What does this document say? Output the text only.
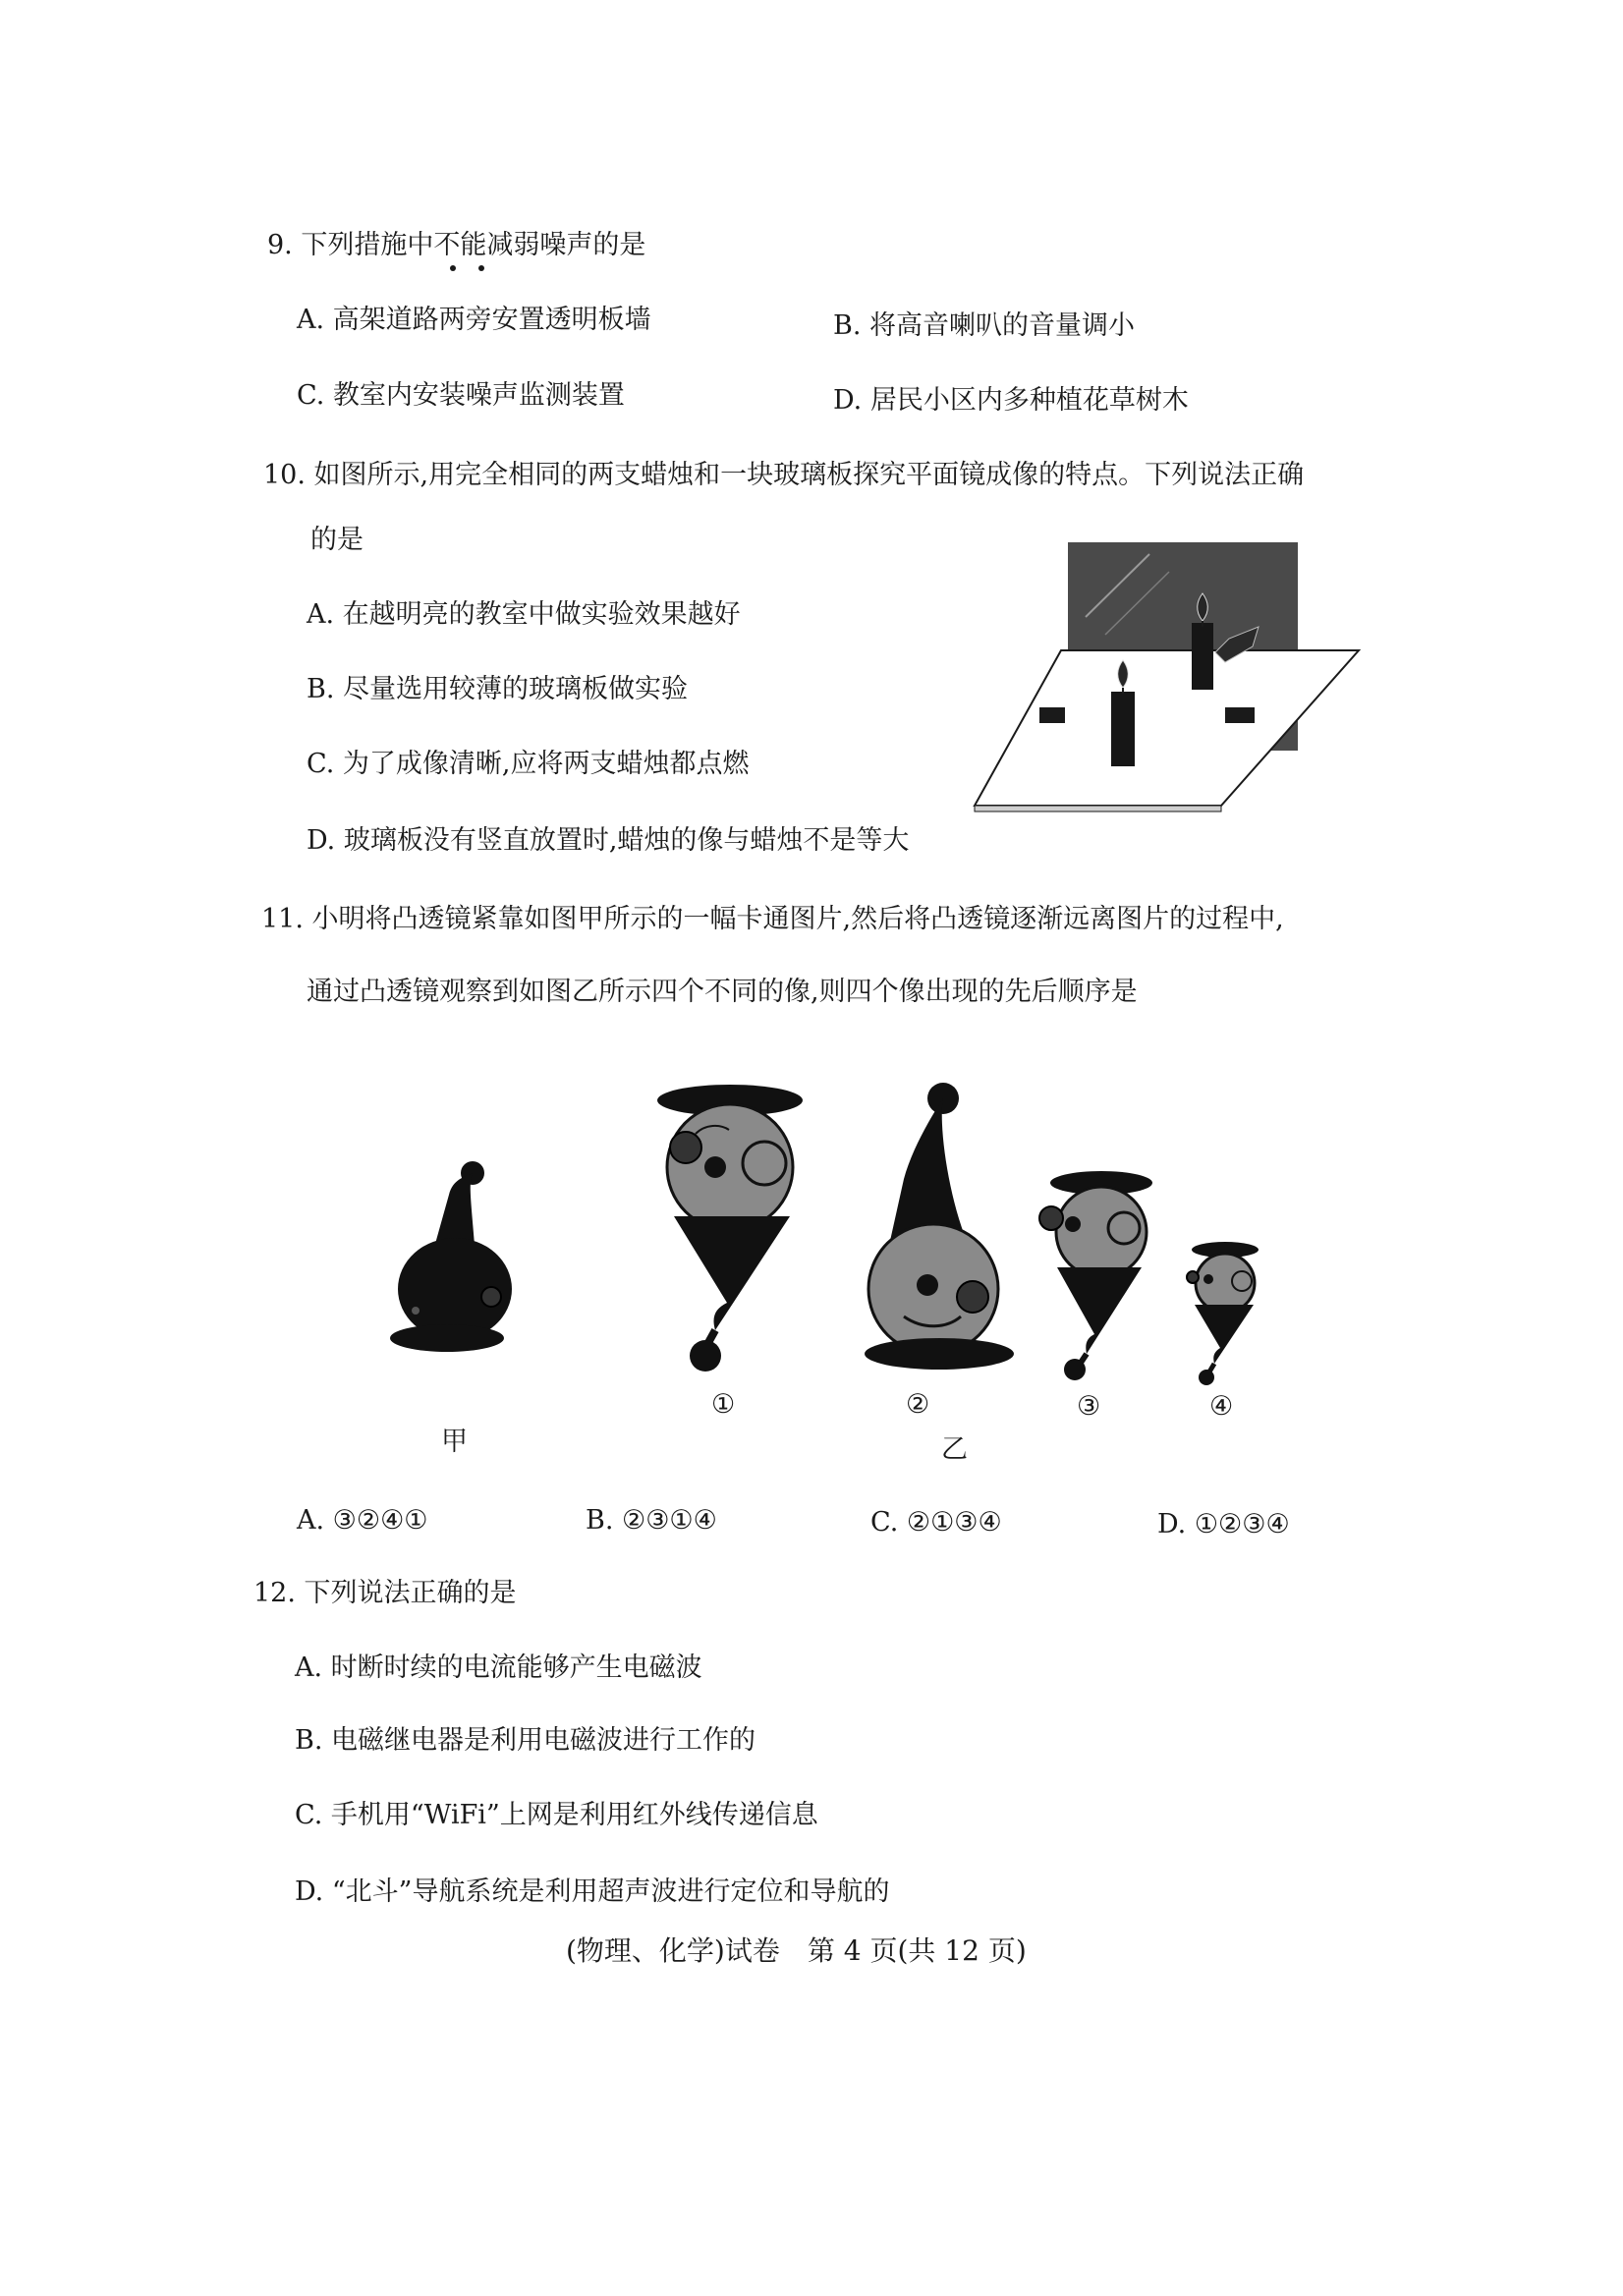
9. 下列措施中不能减弱噪声的是
A. 高架道路两旁安置透明板墙	B. 将高音喇叭的音量调小
C. 教室内安装噪声监测装置	D. 居民小区内多种植花草树木
10. 如图所示,用完全相同的两支蜡烛和一块玻璃板探究平面镜成像的特点。下列说法正确
的是
A. 在越明亮的教室中做实验效果越好
B. 尽量选用较薄的玻璃板做实验
C. 为了成像清晰,应将两支蜡烛都点燃
D. 玻璃板没有竖直放置时,蜡烛的像与蜡烛不是等大
11. 小明将凸透镜紧靠如图甲所示的一幅卡通图片,然后将凸透镜逐渐远离图片的过程中,
通过凸透镜观察到如图乙所示四个不同的像,则四个像出现的先后顺序是
甲
①	②	③	④
乙
A. ③②④①	B. ②③①④	C. ②①③④	D. ①②③④
12. 下列说法正确的是
A. 时断时续的电流能够产生电磁波
B. 电磁继电器是利用电磁波进行工作的
C. 手机用“WiFi”上网是利用红外线传递信息
D. “北斗”导航系统是利用超声波进行定位和导航的
(物理、化学)试卷　第 4 页(共 12 页)
